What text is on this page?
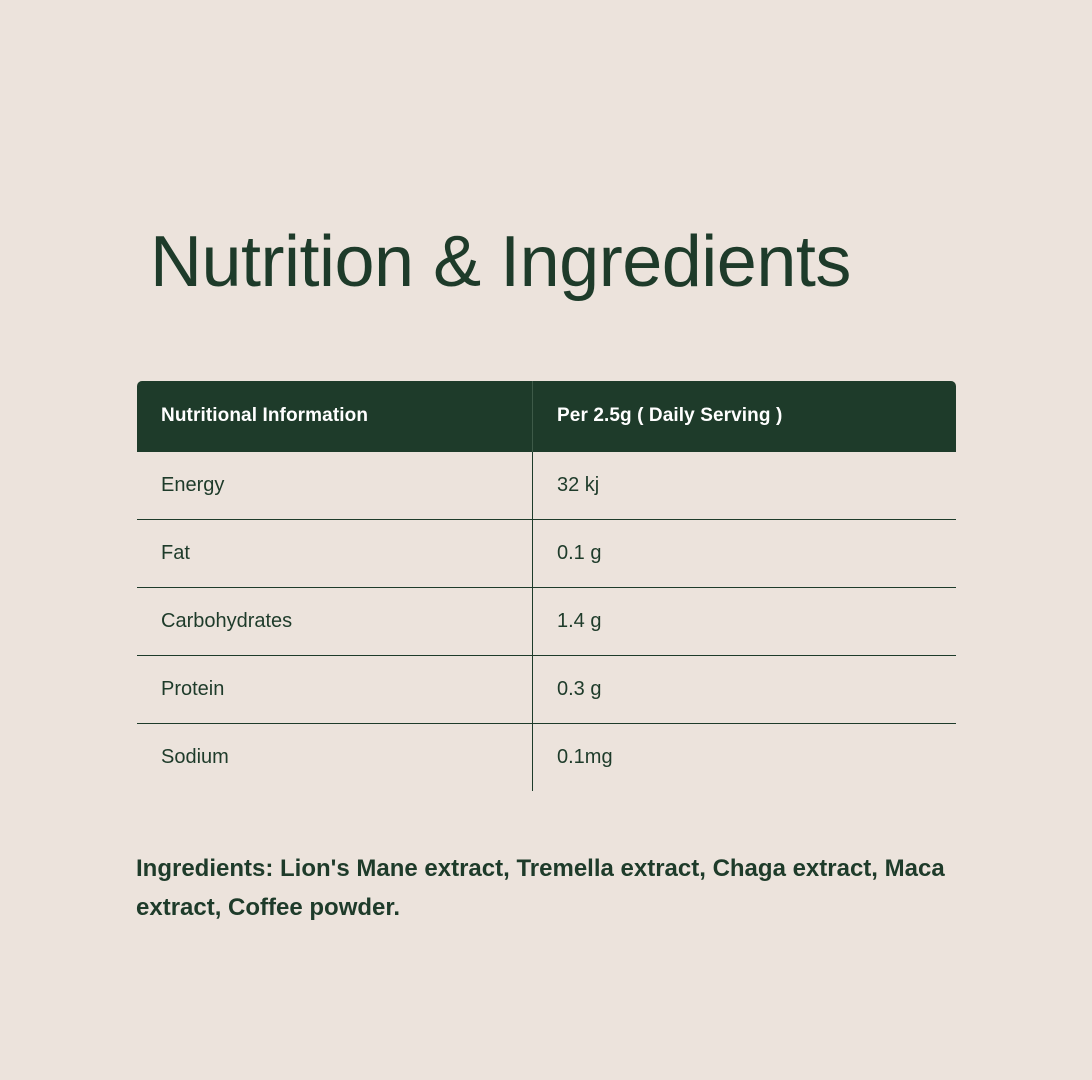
Nutrition & Ingredients
Nutritional Information	Per 2.5g ( Daily Serving )
Energy	32 kj
Fat	0.1 g
Carbohydrates	1.4 g
Protein	0.3 g
Sodium	0.1mg

Ingredients: Lion's Mane extract, Tremella extract, Chaga extract, Maca extract, Coffee powder.
